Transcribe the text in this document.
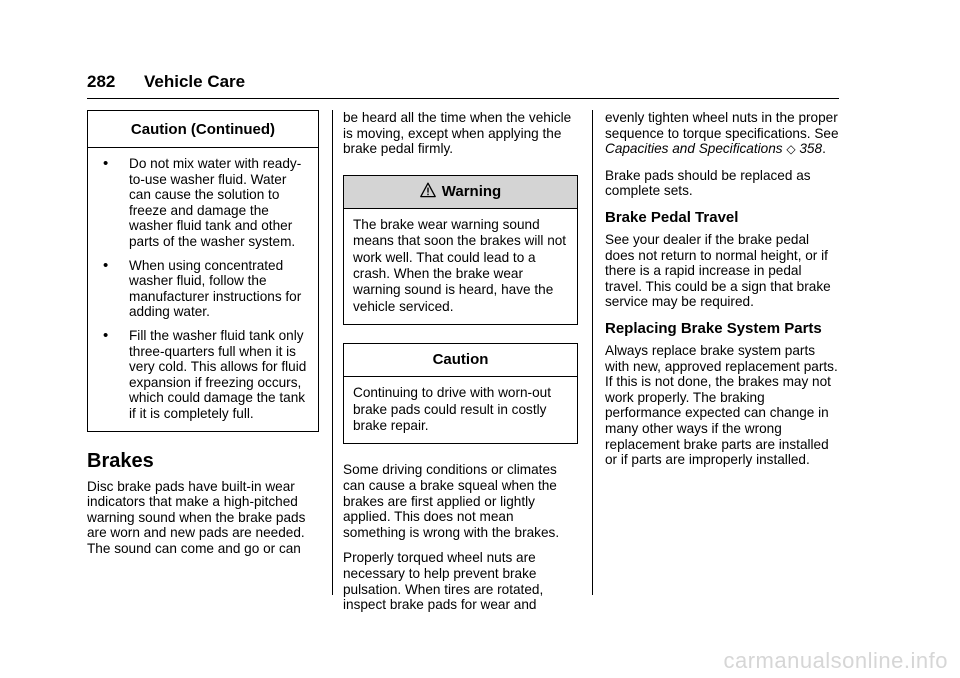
282 Vehicle Care
Caution (Continued)
• Do not mix water with ready-to-use washer fluid. Water can cause the solution to freeze and damage the washer fluid tank and other parts of the washer system.
• When using concentrated washer fluid, follow the manufacturer instructions for adding water.
• Fill the washer fluid tank only three-quarters full when it is very cold. This allows for fluid expansion if freezing occurs, which could damage the tank if it is completely full.
Brakes

Disc brake pads have built-in wear indicators that make a high-pitched warning sound when the brake pads are worn and new pads are needed. The sound can come and go or can

be heard all the time when the vehicle is moving, except when applying the brake pedal firmly.

Warning

The brake wear warning sound means that soon the brakes will not work well. That could lead to a crash. When the brake wear warning sound is heard, have the vehicle serviced.

Caution

Continuing to drive with worn-out brake pads could result in costly brake repair.

Some driving conditions or climates can cause a brake squeal when the brakes are first applied or lightly applied. This does not mean something is wrong with the brakes.

Properly torqued wheel nuts are necessary to help prevent brake pulsation. When tires are rotated, inspect brake pads for wear and

evenly tighten wheel nuts in the proper sequence to torque specifications. See Capacities and Specifications ◇ 358.

Brake pads should be replaced as complete sets.

Brake Pedal Travel

See your dealer if the brake pedal does not return to normal height, or if there is a rapid increase in pedal travel. This could be a sign that brake service may be required.

Replacing Brake System Parts

Always replace brake system parts with new, approved replacement parts. If this is not done, the brakes may not work properly. The braking performance expected can change in many other ways if the wrong replacement brake parts are installed or if parts are improperly installed.

carmanualsonline.info
